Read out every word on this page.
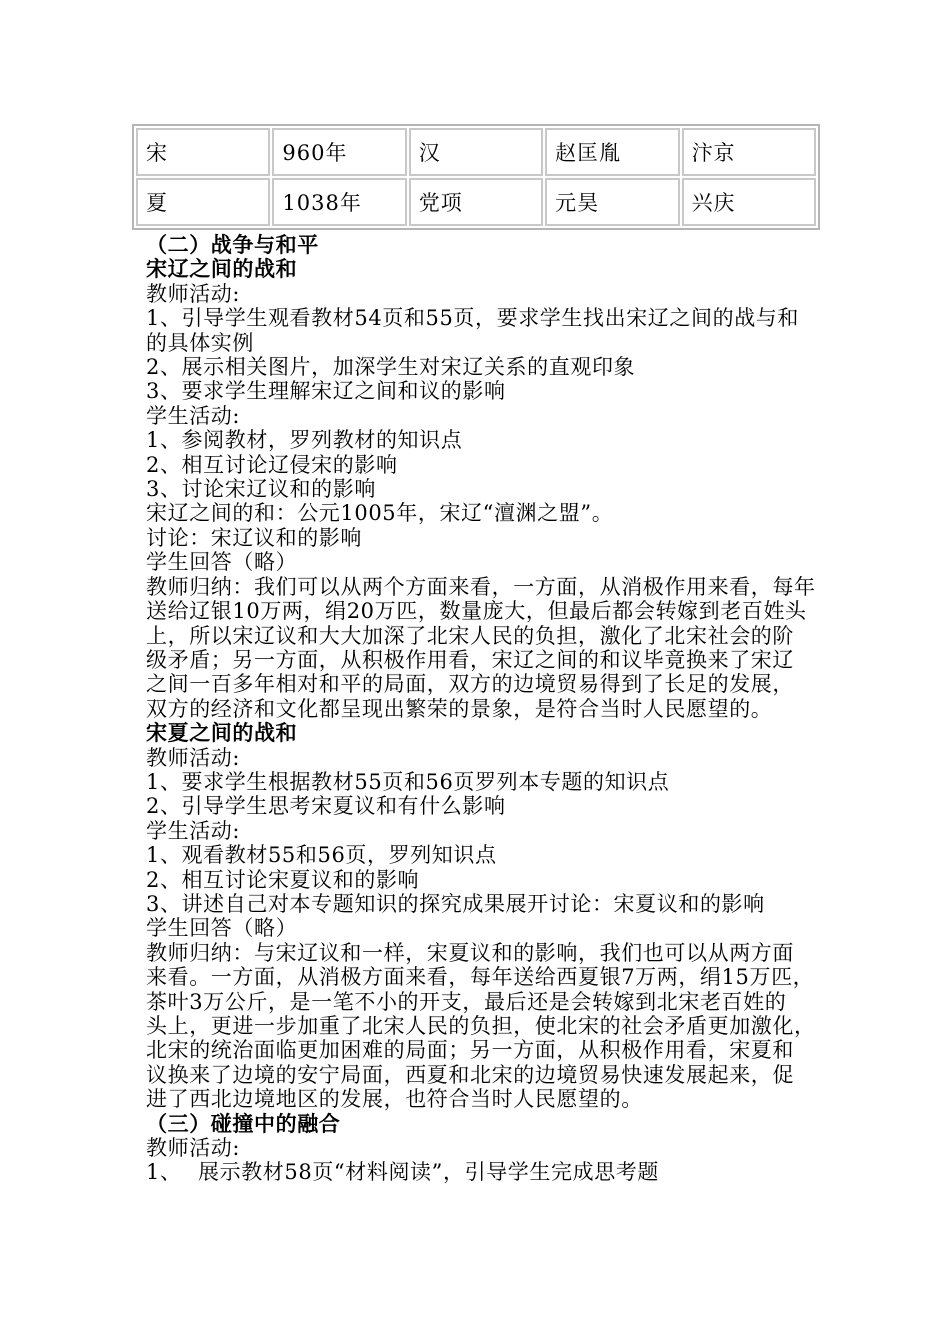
宋	960年	汉	赵匡胤	汴京
夏	1038年	党项	元昊	兴庆

（二）战争与和平

宋辽之间的战和

教师活动:

1、引导学生观看教材54页和55页，要求学生找出宋辽之间的战与和

的具体实例

2、展示相关图片，加深学生对宋辽关系的直观印象

3、要求学生理解宋辽之间和议的影响

学生活动:

1、参阅教材，罗列教材的知识点

2、相互讨论辽侵宋的影响

3、讨论宋辽议和的影响

宋辽之间的和：公元1005年，宋辽“澶渊之盟”。

讨论：宋辽议和的影响

学生回答（略）

教师归纳：我们可以从两个方面来看，一方面，从消极作用来看，每年

送给辽银10万两，绢20万匹，数量庞大，但最后都会转嫁到老百姓头

上，所以宋辽议和大大加深了北宋人民的负担，激化了北宋社会的阶

级矛盾；另一方面，从积极作用看，宋辽之间的和议毕竟换来了宋辽

之间一百多年相对和平的局面，双方的边境贸易得到了长足的发展，

双方的经济和文化都呈现出繁荣的景象，是符合当时人民愿望的。

宋夏之间的战和

教师活动:

1、要求学生根据教材55页和56页罗列本专题的知识点

2、引导学生思考宋夏议和有什么影响

学生活动:

1、观看教材55和56页，罗列知识点

2、相互讨论宋夏议和的影响

3、讲述自己对本专题知识的探究成果展开讨论：宋夏议和的影响

学生回答（略）

教师归纳：与宋辽议和一样，宋夏议和的影响，我们也可以从两方面

来看。一方面，从消极方面来看，每年送给西夏银7万两，绢15万匹，

茶叶3万公斤，是一笔不小的开支，最后还是会转嫁到北宋老百姓的

头上，更进一步加重了北宋人民的负担，使北宋的社会矛盾更加激化，

北宋的统治面临更加困难的局面；另一方面，从积极作用看，宋夏和

议换来了边境的安宁局面，西夏和北宋的边境贸易快速发展起来，促

进了西北边境地区的发展，也符合当时人民愿望的。

（三）碰撞中的融合

教师活动:

1、 展示教材58页“材料阅读”，引导学生完成思考题
